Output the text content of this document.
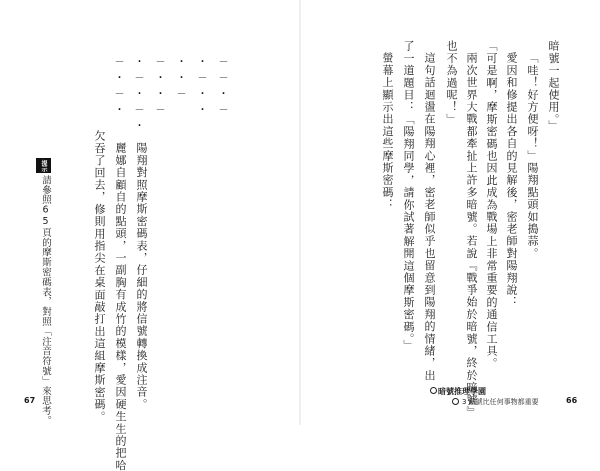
暗號一起使用。」
「哇！好方便呀！」陽翔點頭如搗蒜。
愛因和修提出各自的見解後，密老師對陽翔說：
「可是啊，摩斯密碼也因此成為戰場上非常重要的通信工具。
兩次世界大戰都牽扯上許多暗號。若說『戰爭始於暗號，終於暗號』
也不為過呢！」
這句話迴盪在陽翔心裡，密老師似乎也留意到陽翔的情緒，出
了一道題目：「陽翔同學，請你試著解開這個摩斯密碼。」
螢幕上顯示出這些摩斯密碼：
暗號推理學園
3 暗號比任何事物都重要	66
－－・－
・－・・
・・－
－・・－
・－・－・
－・－・
陽翔對照摩斯密碼表，仔細的將信號轉換成注音。
麗娜自顧自的點頭，一副胸有成竹的模樣，愛因硬生生的把哈
欠吞了回去，修則用指尖在桌面敲打出這組摩斯密碼。
提示
請參照65頁的摩斯密碼表，對照「注音符號」來思考。
67
